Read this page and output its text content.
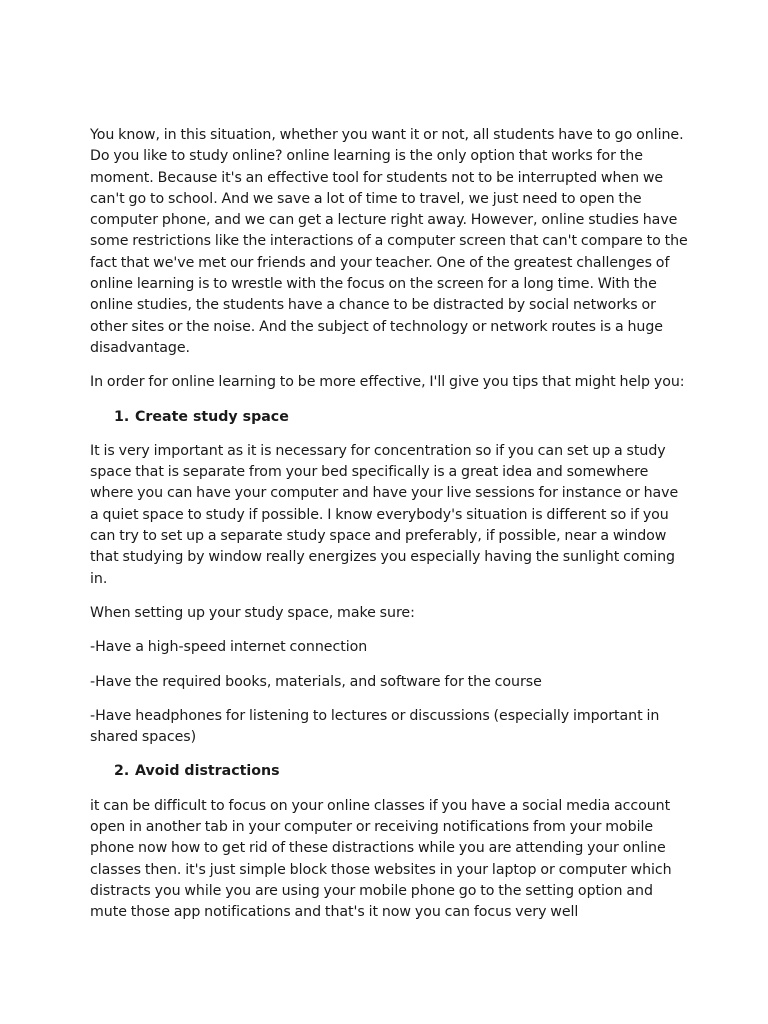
You know, in this situation, whether you want it or not, all students have to go online. Do you like to study online? online learning is the only option that works for the moment. Because it's an effective tool for students not to be interrupted when we can't go to school. And we save a lot of time to travel, we just need to open the computer phone, and we can get a lecture right away. However, online studies have some restrictions like the interactions of a computer screen that can't compare to the fact that we've met our friends and your teacher. One of the greatest challenges of online learning is to wrestle with the focus on the screen for a long time. With the online studies, the students have a chance to be distracted by social networks or other sites or the noise. And the subject of technology or network routes is a huge disadvantage.

In order for online learning to be more effective, I'll give you tips that might help you:

1. Create study space

It is very important as it is necessary for concentration so if you can set up a study space that is separate from your bed specifically is a great idea and somewhere where you can have your computer and have your live sessions for instance or have a quiet space to study if possible. I know everybody's situation is different so if you can try to set up a separate study space and preferably, if possible, near a window that studying by window really energizes you especially having the sunlight coming in.

When setting up your study space, make sure:

-Have a high-speed internet connection

-Have the required books, materials, and software for the course

-Have headphones for listening to lectures or discussions (especially important in shared spaces)

2. Avoid distractions

it can be difficult to focus on your online classes if you have a social media account open in another tab in your computer or receiving notifications from your mobile phone now how to get rid of these distractions while you are attending your online classes then. it's just simple block those websites in your laptop or computer which distracts you while you are using your mobile phone go to the setting option and mute those app notifications and that's it now you can focus very well
